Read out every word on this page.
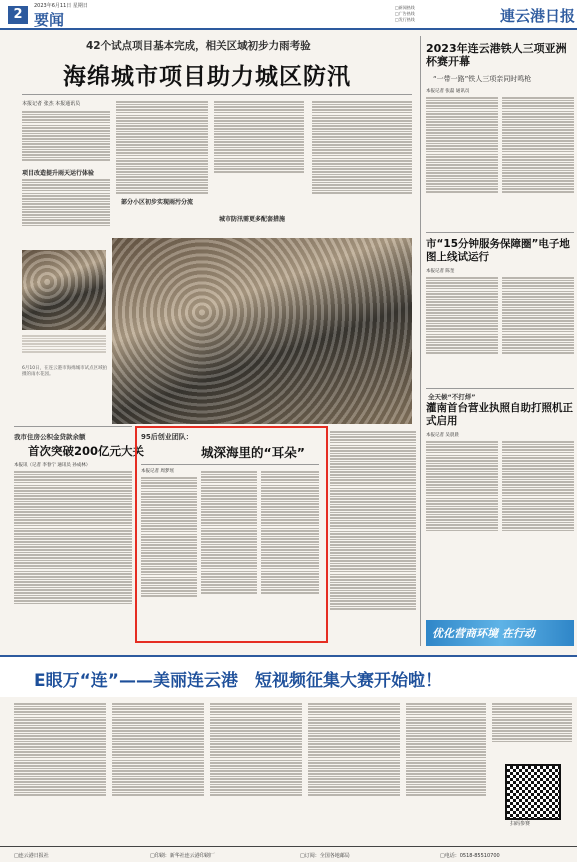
2
2023年6月11日 星期日
要闻
□新闻热线
□广告热线
□发行热线	連云港日报
42个试点项目基本完成，相关区域初步力雨考验
海绵城市项目助力城区防汛
本报记者 张杰 本报通讯员
项目改造提升雨天运行体验
部分小区初步实现雨污分流
城市防汛需更多配套措施
6月10日，在连云港市海绵城市试点区域拍摄的雨水花园。
2023年连云港铁人三项亚洲杯赛开幕
“一带一路”铁人三项亲同时鸣枪
本报记者 张磊 通讯员
市“15分钟服务保障圈”电子地图上线试运行
本报记者 陈奎
全天候“不打烊”
灌南首台营业执照自助打照机正式启用
本报记者 吴晨晨
优化营商环境 在行动
我市住房公积金贷款余额
首次突破200亿元大关
本报讯（记者 李春宁 通讯员 孙成林）
95后创业团队：
城深海里的“耳朵”
本报记者 周梦瑶
E眼万“连”——美丽连云港　短视频征集大赛开始啦！
扫码参赛
□连云港日报社	□印刷：新华社连云港印刷厂	□订阅：全国各地邮局	□电话：0518-85510700
